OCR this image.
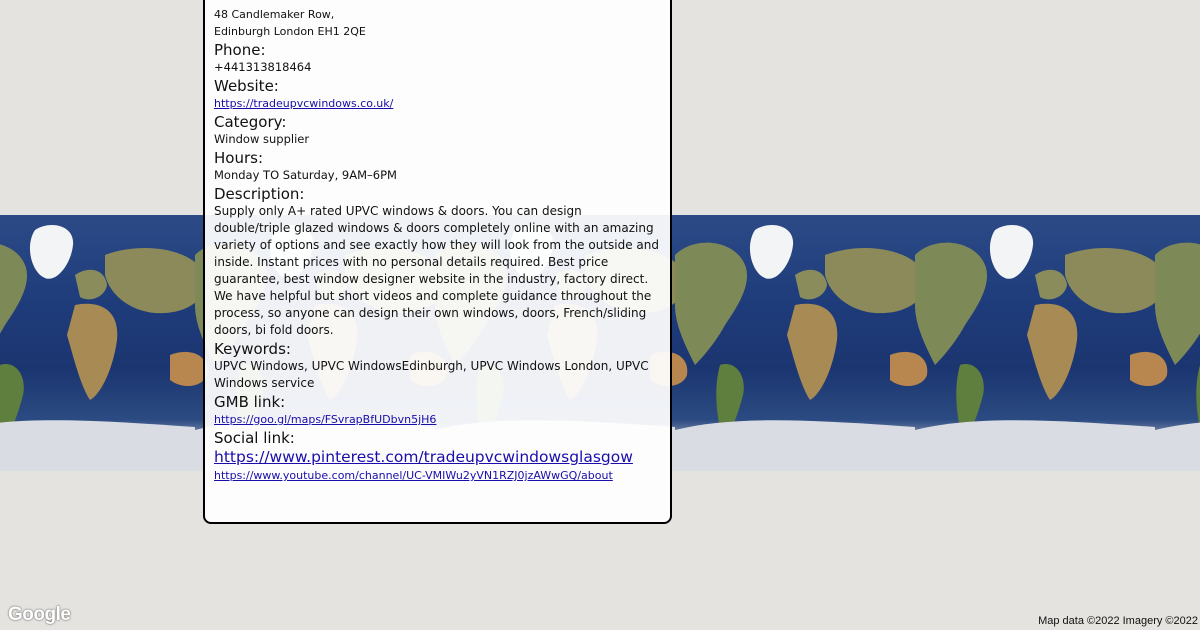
48 Candlemaker Row,
Edinburgh London EH1 2QE
Phone:
+441313818464
Website:
https://tradeupvcwindows.co.uk/
Category:
Window supplier
Hours:
Monday TO Saturday, 9AM–6PM
Description:
Supply only A+ rated UPVC windows & doors. You can design double/triple glazed windows & doors completely online with an amazing variety of options and see exactly how they will look from the outside and inside. Instant prices with no personal details required. Best price guarantee, best window designer website in the industry, factory direct. We have helpful but short videos and complete guidance throughout the process, so anyone can design their own windows, doors, French/sliding doors, bi fold doors.
Keywords:
UPVC Windows, UPVC WindowsEdinburgh, UPVC Windows London, UPVC Windows service
GMB link:
https://goo.gl/maps/FSvrapBfUDbvn5jH6
Social link:
https://www.pinterest.com/tradeupvcwindowsglasgow
https://www.youtube.com/channel/UC-VMIWu2yVN1RZJ0jzAWwGQ/about
Google	Map data ©2022 Imagery ©2022
